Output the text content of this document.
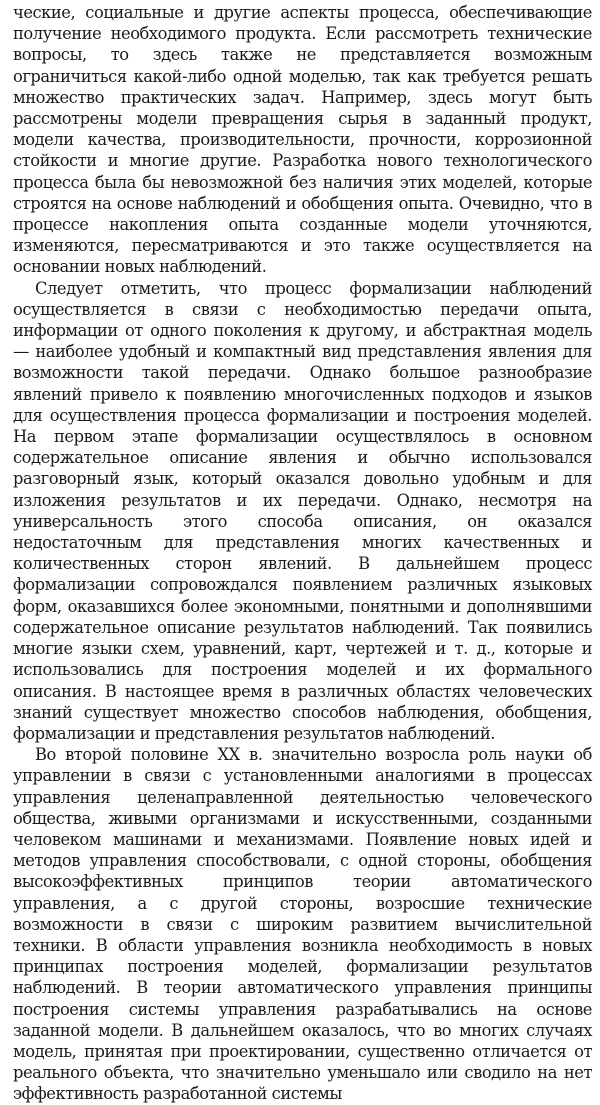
ческие, социальные и другие аспекты процесса, обеспечивающие получение необходимого продукта. Если рассмотреть технические вопросы, то здесь также не представляется возможным ограничиться какой-либо одной моделью, так как требуется решать множество практических задач. Например, здесь могут быть рассмотрены модели превращения сырья в заданный продукт, модели качества, производительности, прочности, коррозионной стойкости и многие другие. Разработка нового технологического процесса была бы невозможной без наличия этих моделей, которые строятся на основе наблюдений и обобщения опыта. Очевидно, что в процессе накопления опыта созданные модели уточняются, изменяются, пересматриваются и это также осуществляется на основании новых наблюдений.

Следует отметить, что процесс формализации наблюдений осуществляется в связи с необходимостью передачи опыта, информации от одного поколения к другому, и абстрактная модель — наиболее удобный и компактный вид представления явления для возможности такой передачи. Однако большое разнообразие явлений привело к появлению многочисленных подходов и языков для осуществления процесса формализации и построения моделей. На первом этапе формализации осуществлялось в основном содержательное описание явления и обычно использовался разговорный язык, который оказался довольно удобным и для изложения результатов и их передачи. Однако, несмотря на универсальность этого способа описания, он оказался недостаточным для представления многих качественных и количественных сторон явлений. В дальнейшем процесс формализации сопровождался появлением различных языковых форм, оказавшихся более экономными, понятными и дополнявшими содержательное описание результатов наблюдений. Так появились многие языки схем, уравнений, карт, чертежей и т. д., которые и использовались для построения моделей и их формального описания. В настоящее время в различных областях человеческих знаний существует множество способов наблюдения, обобщения, формализации и представления результатов наблюдений.

Во второй половине XX в. значительно возросла роль науки об управлении в связи с установленными аналогиями в процессах управления целенаправленной деятельностью человеческого общества, живыми организмами и искусственными, созданными человеком машинами и механизмами. Появление новых идей и методов управления способствовали, с одной стороны, обобщения высокоэффективных принципов теории автоматического управления, а с другой стороны, возросшие технические возможности в связи с широким развитием вычислительной техники. В области управления возникла необходимость в новых принципах построения моделей, формализации результатов наблюдений. В теории автоматического управления принципы построения системы управления разрабатывались на основе заданной модели. В дальнейшем оказалось, что во многих случаях модель, принятая при проектировании, существенно отличается от реального объекта, что значительно уменьшало или сводило на нет эффективность разработанной системы
